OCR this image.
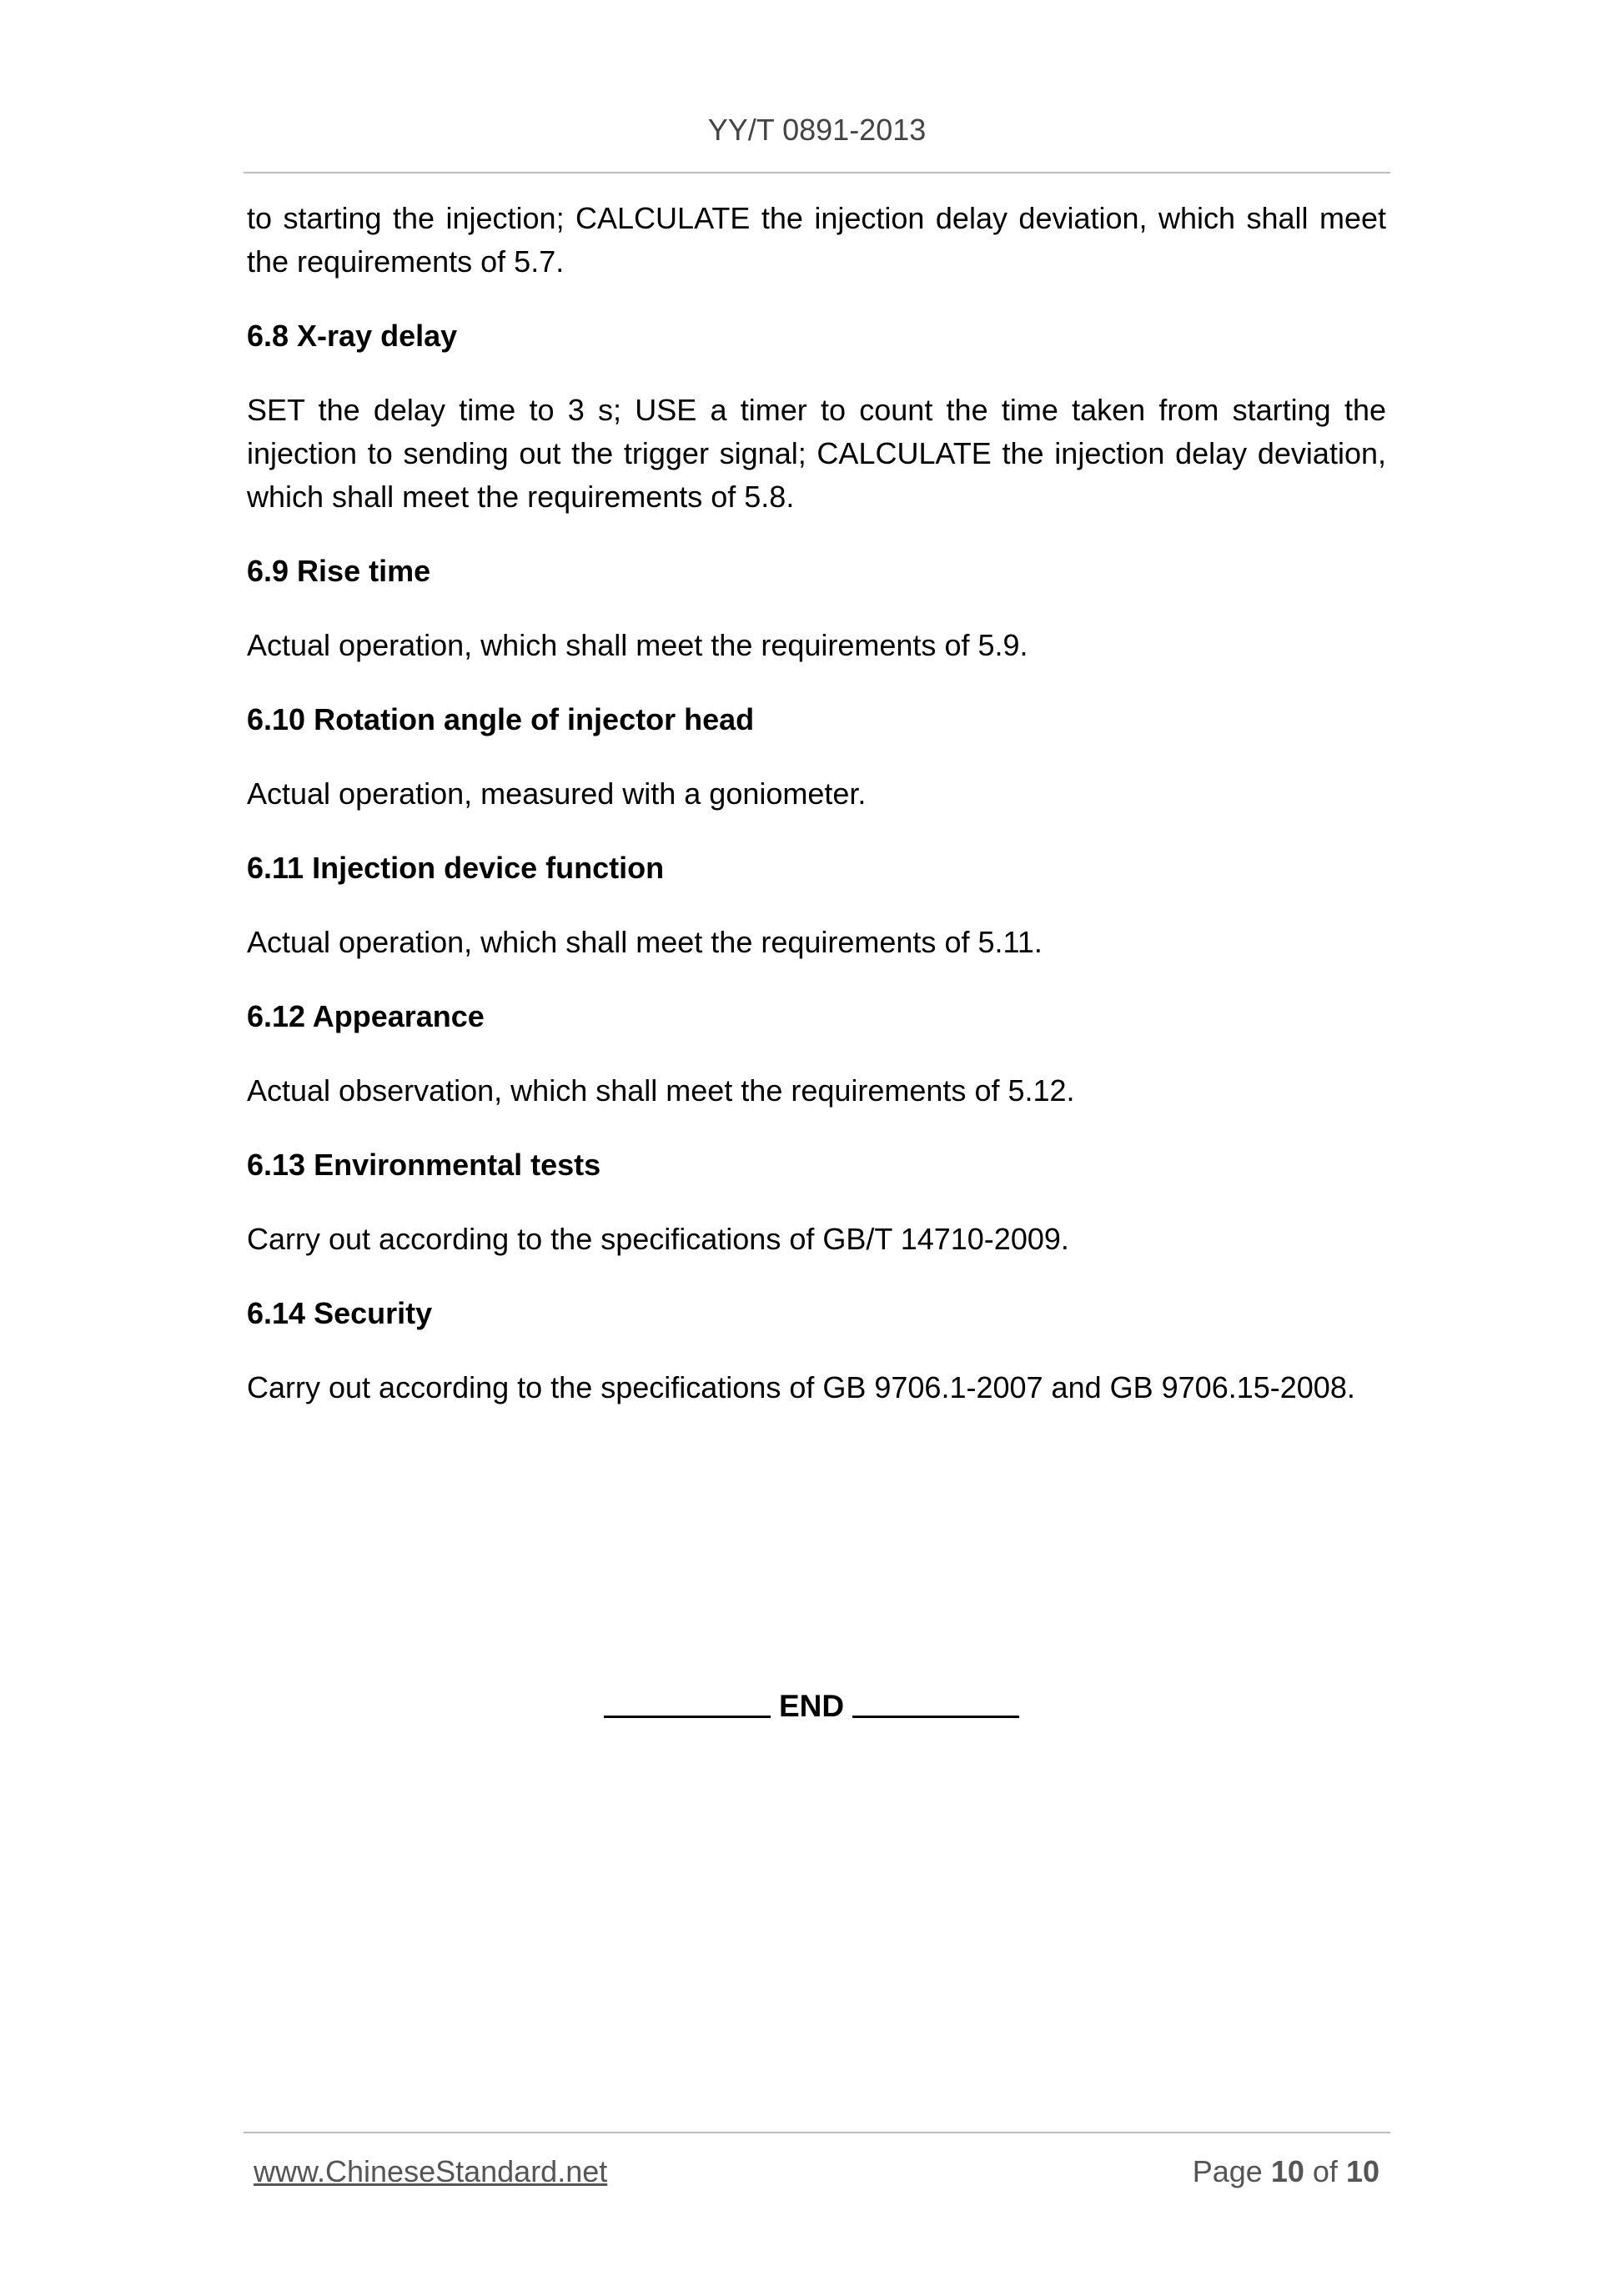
YY/T 0891-2013

to starting the injection; CALCULATE the injection delay deviation, which shall meet the requirements of 5.7.

6.8 X-ray delay

SET the delay time to 3 s; USE a timer to count the time taken from starting the injection to sending out the trigger signal; CALCULATE the injection delay deviation, which shall meet the requirements of 5.8.

6.9 Rise time

Actual operation, which shall meet the requirements of 5.9.

6.10 Rotation angle of injector head

Actual operation, measured with a goniometer.

6.11 Injection device function

Actual operation, which shall meet the requirements of 5.11.

6.12 Appearance

Actual observation, which shall meet the requirements of 5.12.

6.13 Environmental tests

Carry out according to the specifications of GB/T 14710-2009.

6.14 Security

Carry out according to the specifications of GB 9706.1-2007 and GB 9706.15-2008.

END
www.ChineseStandard.net	Page 10 of 10
